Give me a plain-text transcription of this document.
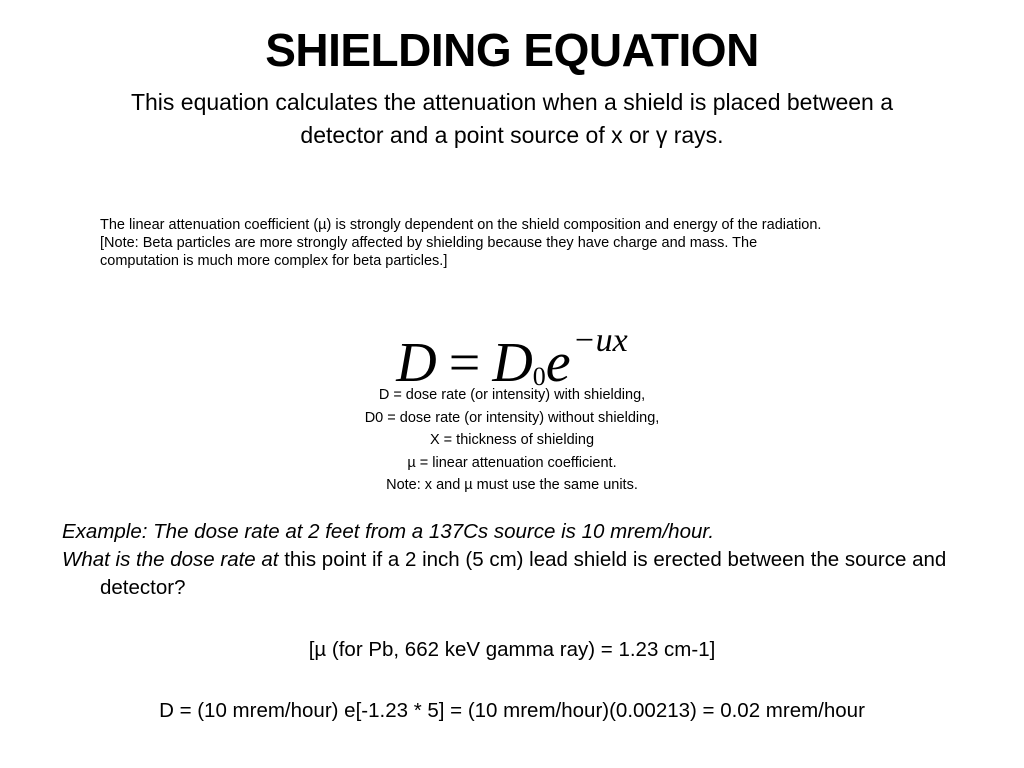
SHIELDING EQUATION
This equation calculates the attenuation when a shield is placed between a
detector and a point source of x or γ rays.
The linear attenuation coefficient (µ) is strongly dependent on the shield composition and energy of the radiation.
[Note: Beta particles are more strongly affected by shielding because they have charge and mass. The
computation is much more complex for beta particles.]
$D = D0e^{-ux}$
D = dose rate (or intensity) with shielding,
D0 = dose rate (or intensity) without shielding,
X = thickness of shielding
µ = linear attenuation coefficient.
Note: x and µ must use the same units.
Example: The dose rate at 2 feet from a 137Cs source is 10 mrem/hour.
What is the dose rate at this point if a 2 inch (5 cm) lead shield is erected between the source and detector?
[µ (for Pb, 662 keV gamma ray) = 1.23 cm-1]
D = (10 mrem/hour) e[-1.23 * 5] = (10 mrem/hour)(0.00213) = 0.02 mrem/hour
